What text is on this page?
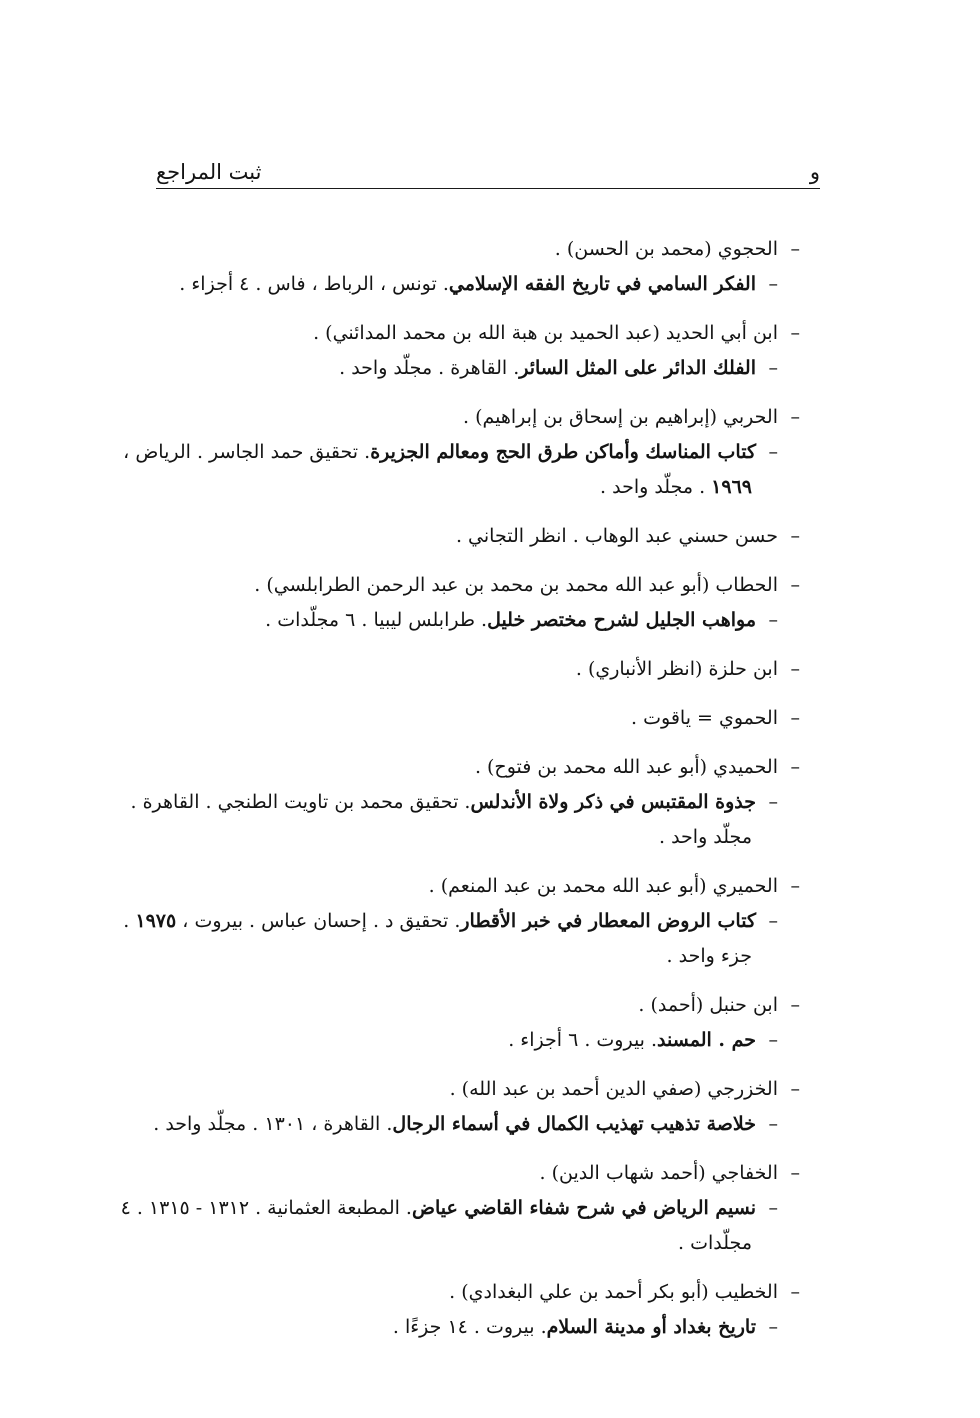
ثبت المراجع	و
–الحجوي (محمد بن الحسن) .
–الفكر السامي في تاريخ الفقه الإسلامي. تونس ، الرباط ، فاس . ٤ أجزاء .
–ابن أبي الحديد (عبد الحميد بن هبة الله بن محمد المدائني) .
–الفلك الدائر على المثل السائر. القاهرة . مجلّد واحد .
–الحربي (إبراهيم بن إسحاق بن إبراهيم) .
–كتاب المناسك وأماكن طرق الحج ومعالم الجزيرة. تحقيق حمد الجاسر . الرياض ،
١٩٦٩ . مجلّد واحد .
–حسن حسني عبد الوهاب . انظر التجاني .
–الحطاب (أبو عبد الله محمد بن محمد بن عبد الرحمن الطرابلسي) .
–مواهب الجليل لشرح مختصر خليل. طرابلس ليبيا . ٦ مجلّدات .
–ابن حلزة (انظر الأنباري) .
–الحموي = ياقوت .
–الحميدي (أبو عبد الله محمد بن فتوح) .
–جذوة المقتبس في ذكر ولاة الأندلس. تحقيق محمد بن تاويت الطنجي . القاهرة .
مجلّد واحد .
–الحميري (أبو عبد الله محمد بن عبد المنعم) .
–كتاب الروض المعطار في خبر الأقطار. تحقيق د . إحسان عباس . بيروت ، ١٩٧٥ .
جزء واحد .
–ابن حنبل (أحمد) .
–حم . المسند. بيروت . ٦ أجزاء .
–الخزرجي (صفي الدين أحمد بن عبد الله) .
–خلاصة تذهيب تهذيب الكمال في أسماء الرجال. القاهرة ، ١٣٠١ . مجلّد واحد .
–الخفاجي (أحمد شهاب الدين) .
–نسيم الرياض في شرح شفاء القاضي عياض. المطبعة العثمانية . ١٣١٢ - ١٣١٥ . ٤
مجلّدات .
–الخطيب (أبو بكر أحمد بن علي البغدادي) .
–تاريخ بغداد أو مدينة السلام. بيروت . ١٤ جزءًا .
